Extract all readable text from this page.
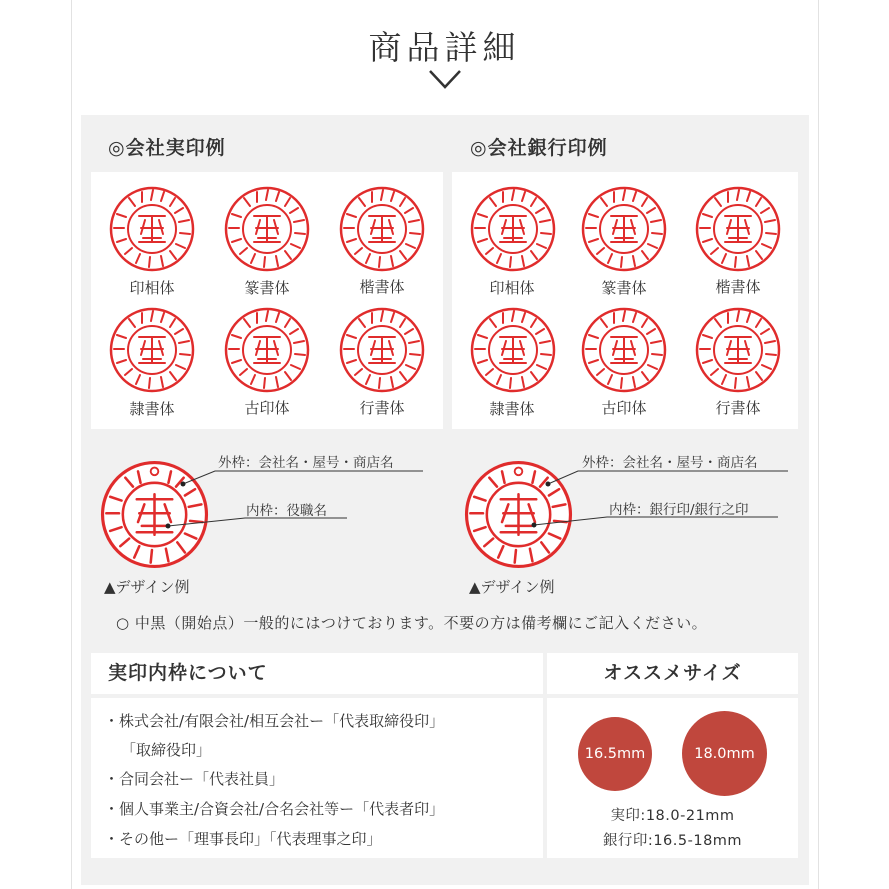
商品詳細
◎会社実印例	◎会社銀行印例
印相体	篆書体	楷書体
隷書体	古印体	行書体
印相体	篆書体	楷書体
隷書体	古印体	行書体
外枠：会社名・屋号・商店名
内枠：役職名
外枠：会社名・屋号・商店名
内枠：銀行印/銀行之印
▲デザイン例	▲デザイン例
○ 中黒（開始点）一般的にはつけております。不要の方は備考欄にご記入ください。
実印内枠について
・株式会社/有限会社/相互会社ー「代表取締役印」
「取締役印」
・合同会社ー「代表社員」
・個人事業主/合資会社/合名会社等ー「代表者印」
・その他ー「理事長印」「代表理事之印」
オススメサイズ
16.5mm	18.0mm
実印:18.0-21mm
銀行印:16.5-18mm
